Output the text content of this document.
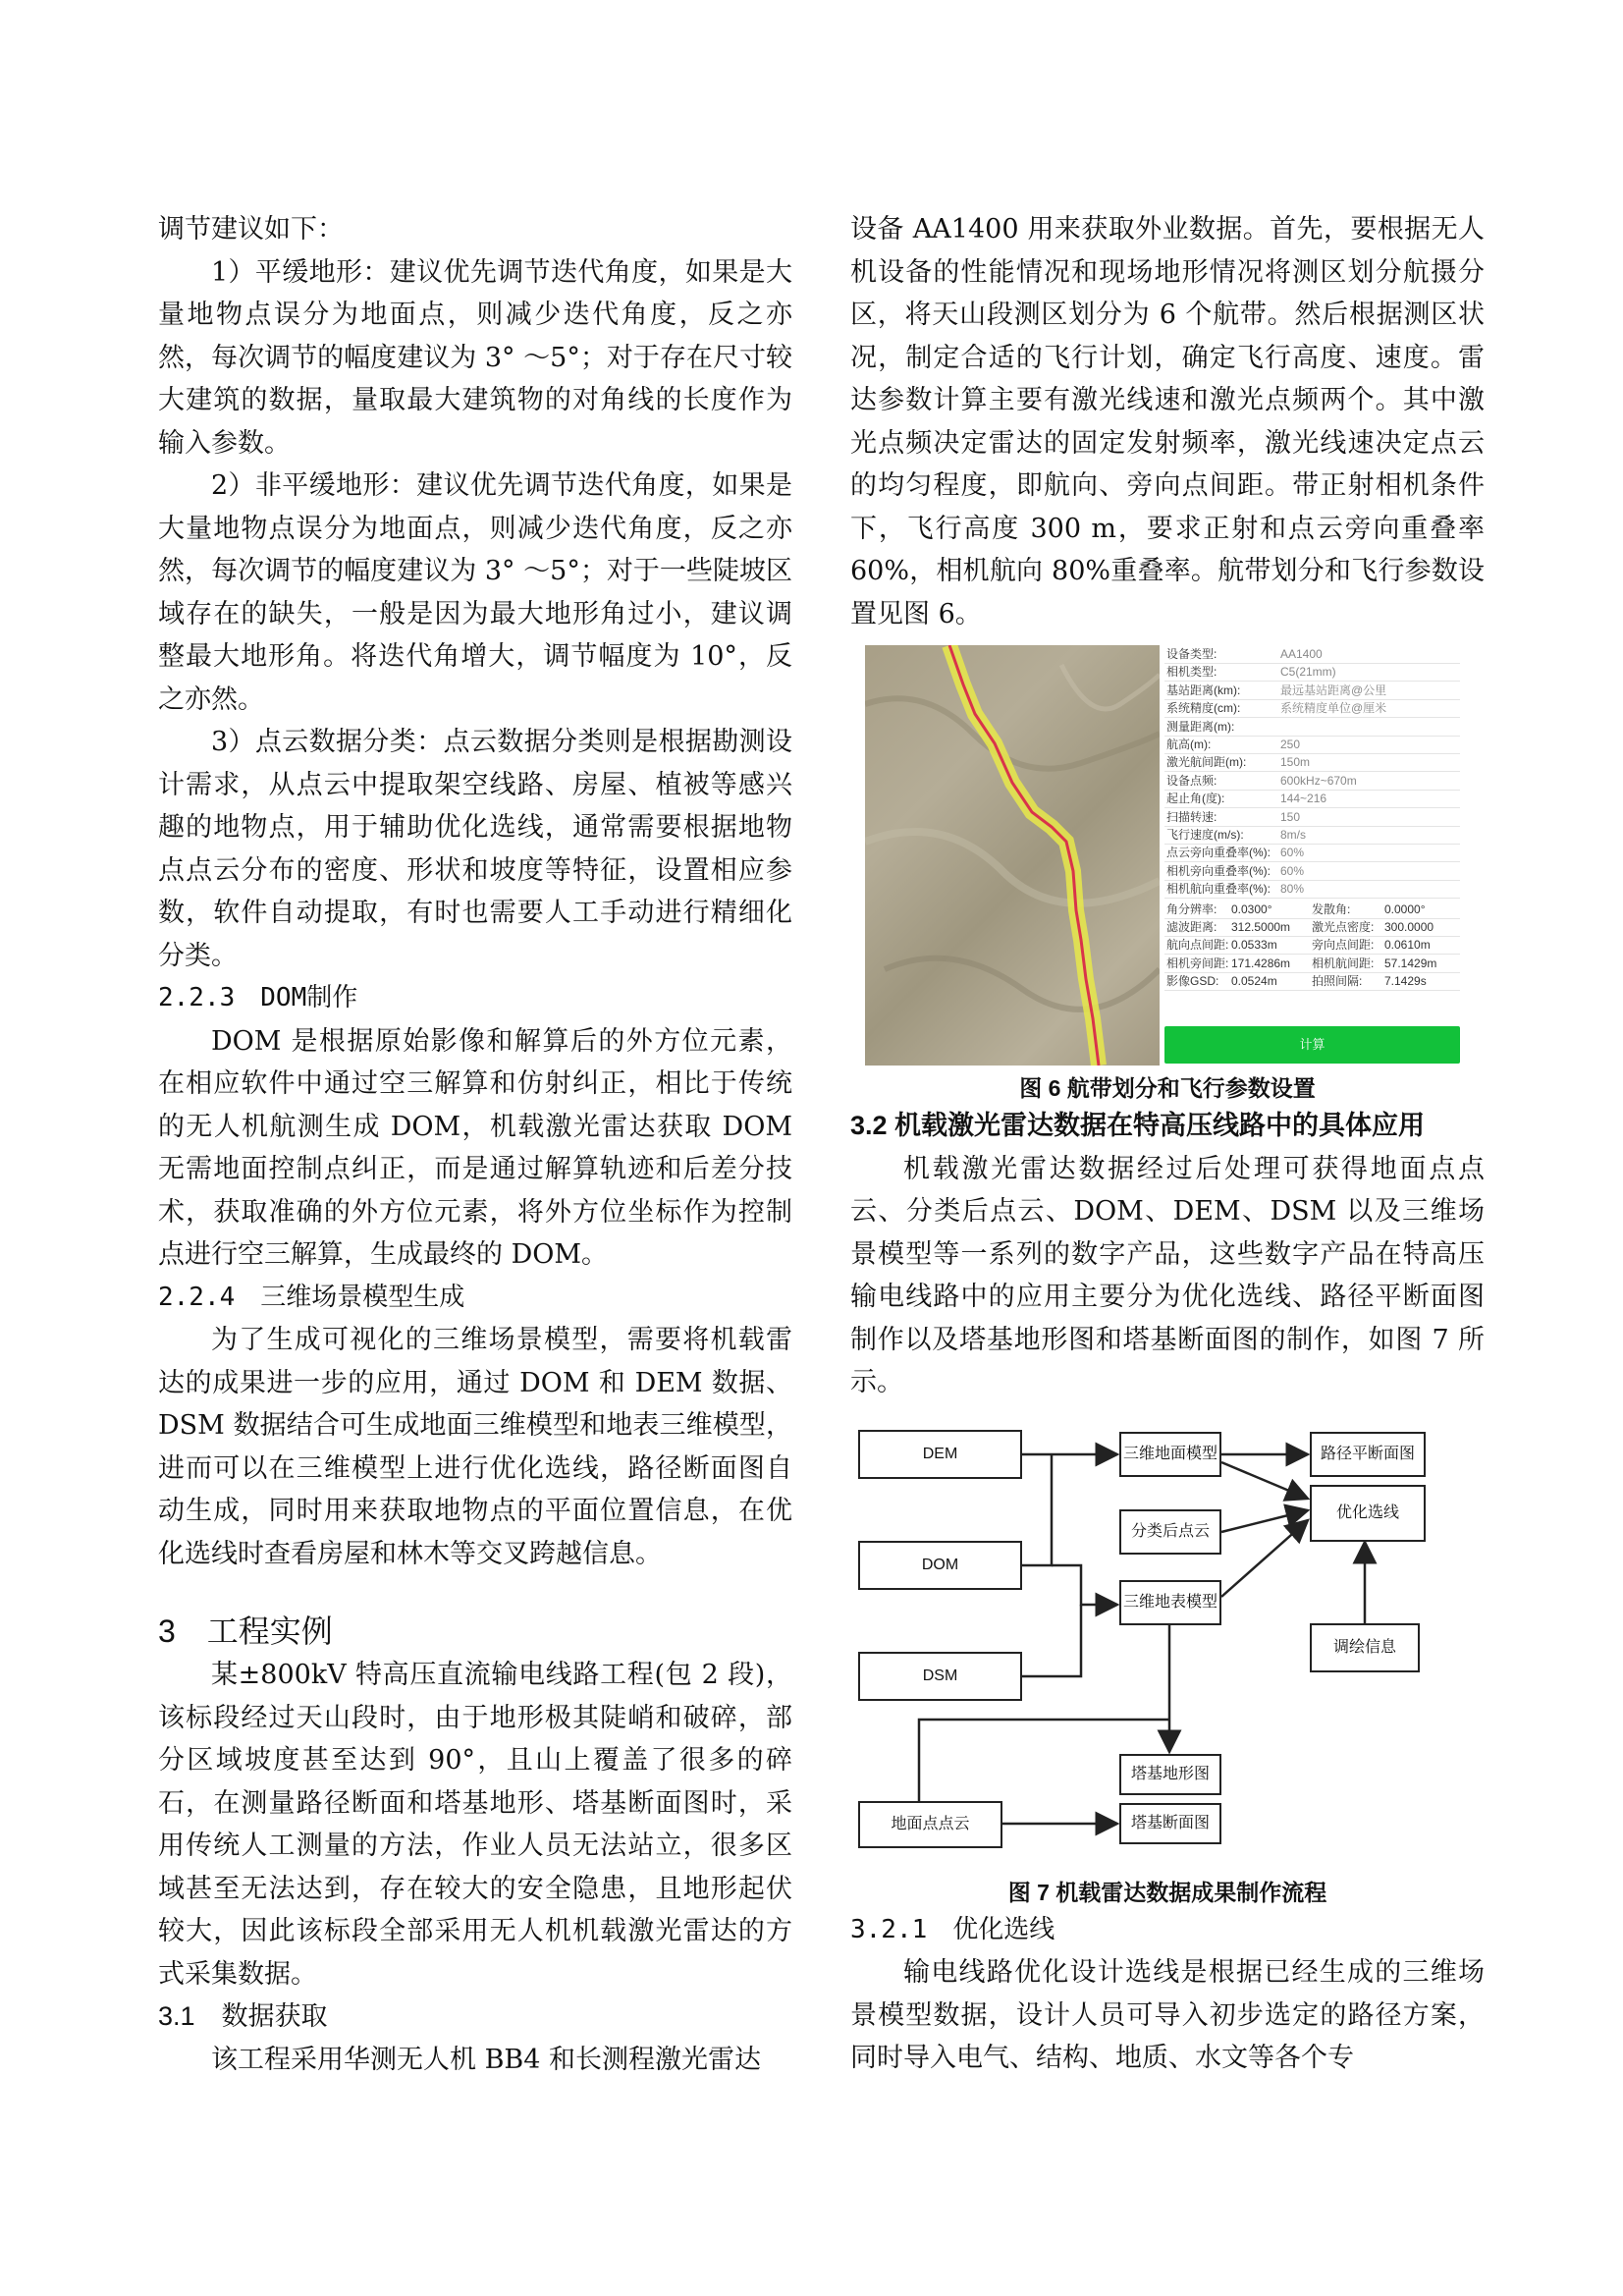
调节建议如下：

1）平缓地形：建议优先调节迭代角度，如果是大量地物点误分为地面点，则减少迭代角度，反之亦然，每次调节的幅度建议为 3° ～5°；对于存在尺寸较大建筑的数据，量取最大建筑物的对角线的长度作为输入参数。

2）非平缓地形：建议优先调节迭代角度，如果是大量地物点误分为地面点，则减少迭代角度，反之亦然，每次调节的幅度建议为 3° ～5°；对于一些陡坡区域存在的缺失，一般是因为最大地形角过小，建议调整最大地形角。将迭代角增大，调节幅度为 10°，反之亦然。

3）点云数据分类：点云数据分类则是根据勘测设计需求，从点云中提取架空线路、房屋、植被等感兴趣的地物点，用于辅助优化选线，通常需要根据地物点点云分布的密度、形状和坡度等特征，设置相应参数，软件自动提取，有时也需要人工手动进行精细化分类。

2.2.3　DOM制作

DOM 是根据原始影像和解算后的外方位元素，在相应软件中通过空三解算和仿射纠正，相比于传统的无人机航测生成 DOM，机载激光雷达获取 DOM 无需地面控制点纠正，而是通过解算轨迹和后差分技术，获取准确的外方位元素，将外方位坐标作为控制点进行空三解算，生成最终的 DOM。

2.2.4　三维场景模型生成

为了生成可视化的三维场景模型，需要将机载雷达的成果进一步的应用，通过 DOM 和 DEM 数据、DSM 数据结合可生成地面三维模型和地表三维模型，进而可以在三维模型上进行优化选线，路径断面图自动生成，同时用来获取地物点的平面位置信息，在优化选线时查看房屋和林木等交叉跨越信息。

3　工程实例

某±800kV 特高压直流输电线路工程(包 2 段)，该标段经过天山段时，由于地形极其陡峭和破碎，部分区域坡度甚至达到 90°，且山上覆盖了很多的碎石，在测量路径断面和塔基地形、塔基断面图时，采用传统人工测量的方法，作业人员无法站立，很多区域甚至无法达到，存在较大的安全隐患，且地形起伏较大，因此该标段全部采用无人机机载激光雷达的方式采集数据。

3.1　数据获取

该工程采用华测无人机 BB4 和长测程激光雷达

设备 AA1400 用来获取外业数据。首先，要根据无人机设备的性能情况和现场地形情况将测区划分航摄分区，将天山段测区划分为 6 个航带。然后根据测区状况，制定合适的飞行计划，确定飞行高度、速度。雷达参数计算主要有激光线速和激光点频两个。其中激光点频决定雷达的固定发射频率，激光线速决定点云的均匀程度，即航向、旁向点间距。带正射相机条件下，飞行高度 300 m，要求正射和点云旁向重叠率 60%，相机航向 80%重叠率。航带划分和飞行参数设置见图 6。

设备类型:	AA1400
相机类型:	C5(21mm)
基站距离(km):	最远基站距离@公里
系统精度(cm):	系统精度单位@厘米
测量距离(m):
航高(m):	250
激光航间距(m):	150m
设备点频:	600kHz~670m
起止角(度):	144~216
扫描转速:	150
飞行速度(m/s):	8m/s
点云旁向重叠率(%): 60%
相机旁向重叠率(%): 60%
相机航向重叠率(%): 80%
角分辨率: 0.0300°	发散角:	0.0000°
滤波距离: 312.5000m 激光点密度: 300.0000
航向点间距: 0.0533m	旁向点间距: 0.0610m
相机旁间距: 171.4286m 相机航间距: 57.1429m
影像GSD: 0.0524m	拍照间隔: 7.1429s
计算

图 6 航带划分和飞行参数设置

3.2 机载激光雷达数据在特高压线路中的具体应用

机载激光雷达数据经过后处理可获得地面点点云、分类后点云、DOM、DEM、DSM 以及三维场景模型等一系列的数字产品，这些数字产品在特高压输电线路中的应用主要分为优化选线、路径平断面图制作以及塔基地形图和塔基断面图的制作，如图 7 所示。

DEM
DOM
DSM
地面点点云
三维地面模型
分类后点云
三维地表模型
路径平断面图
优化选线
调绘信息
塔基地形图
塔基断面图

图 7 机载雷达数据成果制作流程

3.2.1　优化选线

输电线路优化设计选线是根据已经生成的三维场景模型数据，设计人员可导入初步选定的路径方案，同时导入电气、结构、地质、水文等各个专
